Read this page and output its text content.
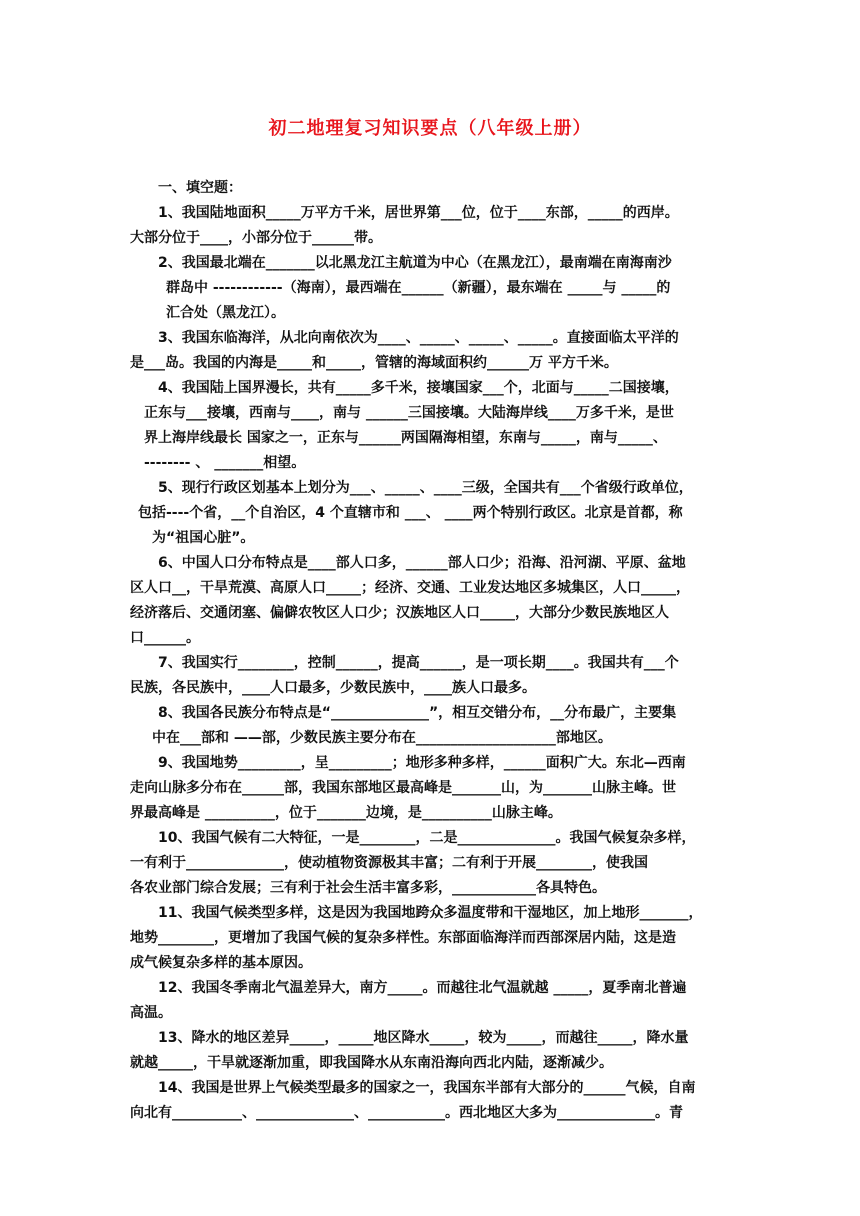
初二地理复习知识要点（八年级上册）
一、填空题：
1、我国陆地面积_____万平方千米，居世界第___位，位于____东部，_____的西岸。
大部分位于____，小部分位于______带。
2、我国最北端在_______以北黑龙江主航道为中心（在黑龙江），最南端在南海南沙
群岛中 ------------（海南），最西端在______（新疆），最东端在 _____与 _____的
汇合处（黑龙江）。
3、我国东临海洋，从北向南依次为____、_____、_____、_____。直接面临太平洋的
是___岛。我国的内海是_____和_____，管辖的海域面积约______万 平方千米。
4、我国陆上国界漫长，共有_____多千米，接壤国家___个，北面与_____二国接壤，
正东与___接壤，西南与____，南与 ______三国接壤。大陆海岸线____万多千米，是世
界上海岸线最长 国家之一，正东与______两国隔海相望，东南与_____，南与_____、
-------- 、 _______相望。
5、现行行政区划基本上划分为___、_____、____三级，全国共有___个省级行政单位，
包括----个省，__个自治区，4 个直辖市和 ___、 ____两个特别行政区。北京是首都，称
为“祖国心脏”。
6、中国人口分布特点是____部人口多，______部人口少；沿海、沿河湖、平原、盆地
区人口__，干旱荒漠、高原人口_____；经济、交通、工业发达地区多城集区，人口_____，
经济落后、交通闭塞、偏僻农牧区人口少；汉族地区人口_____，大部分少数民族地区人
口______。
7、我国实行________，控制______，提高______，是一项长期____。我国共有___个
民族，各民族中，____人口最多，少数民族中，____族人口最多。
8、我国各民族分布特点是“______________”，相互交错分布，__分布最广，主要集
中在___部和 ——部，少数民族主要分布在____________________部地区。
9、我国地势_________，呈_________；地形多种多样，______面积广大。东北—西南
走向山脉多分布在______部，我国东部地区最高峰是_______山，为_______山脉主峰。世
界最高峰是 __________，位于_______边境，是__________山脉主峰。
10、我国气候有二大特征，一是________，二是______________。我国气候复杂多样，
一有利于______________，使动植物资源极其丰富；二有利于开展________，使我国
各农业部门综合发展；三有利于社会生活丰富多彩，____________各具特色。
11、我国气候类型多样，这是因为我国地跨众多温度带和干湿地区，加上地形_______，
地势________，更增加了我国气候的复杂多样性。东部面临海洋而西部深居内陆，这是造
成气候复杂多样的基本原因。
12、我国冬季南北气温差异大，南方_____。而越往北气温就越 _____，夏季南北普遍
高温。
13、降水的地区差异_____，_____地区降水_____，较为_____，而越往_____，降水量
就越_____，干旱就逐渐加重，即我国降水从东南沿海向西北内陆，逐渐减少。
14、我国是世界上气候类型最多的国家之一，我国东半部有大部分的______气候，自南
向北有__________、______________、___________。西北地区大多为______________。青
